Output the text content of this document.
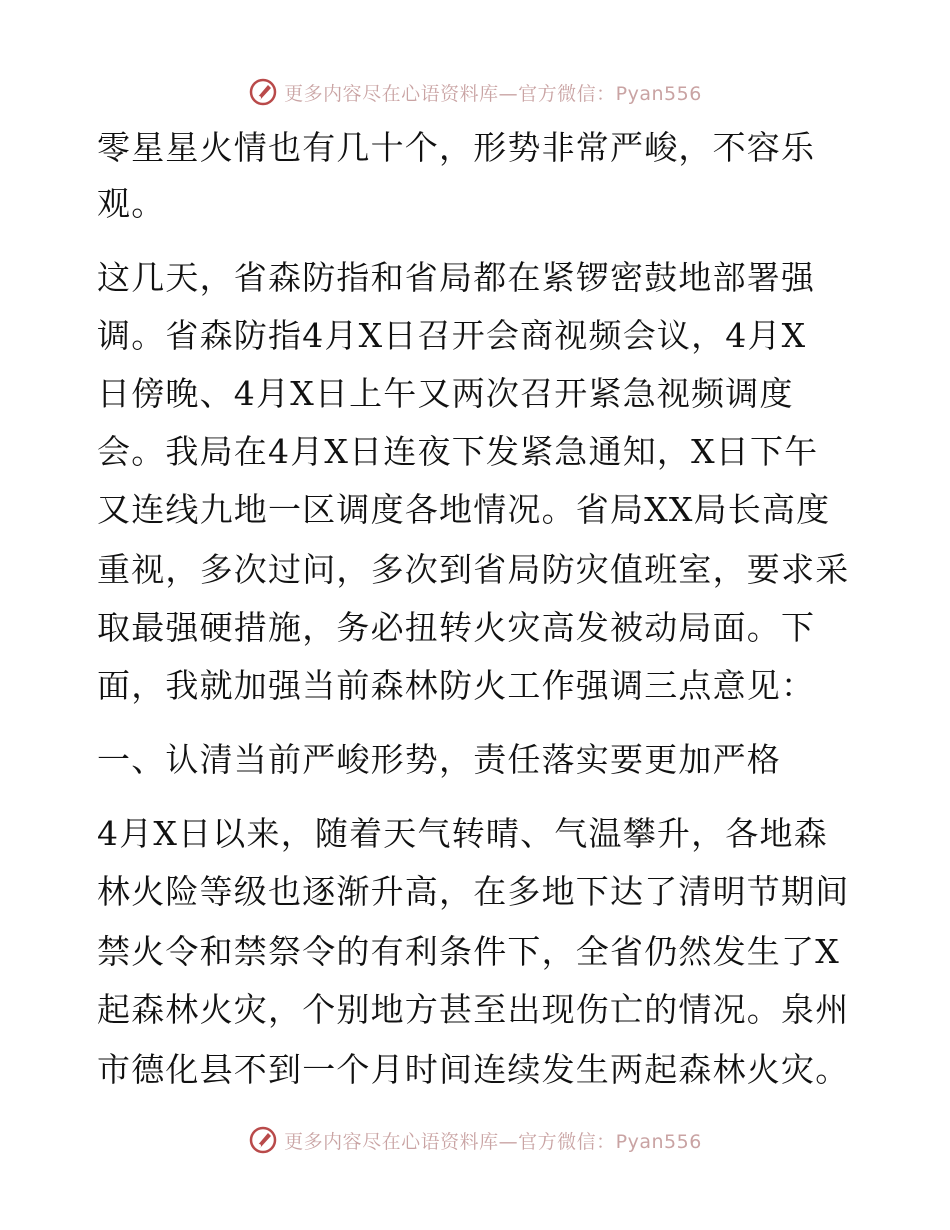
更多内容尽在心语资料库—官方微信：Pyan556
零星星火情也有几十个，形势非常严峻，不容乐
观。
这几天，省森防指和省局都在紧锣密鼓地部署强
调。省森防指4月X日召开会商视频会议，4月X
日傍晚、4月X日上午又两次召开紧急视频调度
会。我局在4月X日连夜下发紧急通知，X日下午
又连线九地一区调度各地情况。省局XX局长高度
重视，多次过问，多次到省局防灾值班室，要求采
取最强硬措施，务必扭转火灾高发被动局面。下
面，我就加强当前森林防火工作强调三点意见：
一、认清当前严峻形势，责任落实要更加严格
4月X日以来，随着天气转晴、气温攀升，各地森
林火险等级也逐渐升高，在多地下达了清明节期间
禁火令和禁祭令的有利条件下，全省仍然发生了X
起森林火灾，个别地方甚至出现伤亡的情况。泉州
市德化县不到一个月时间连续发生两起森林火灾。
更多内容尽在心语资料库—官方微信：Pyan556
